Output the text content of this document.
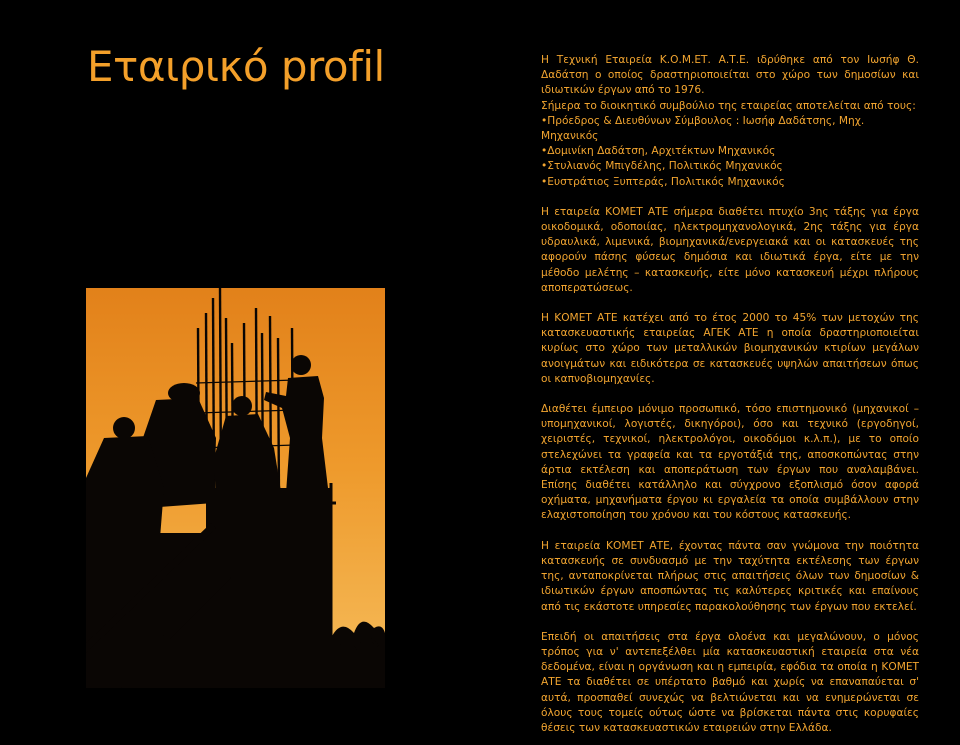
Εταιρικό profil	Η Τεχνική Εταιρεία Κ.Ο.Μ.ΕΤ. Α.Τ.Ε. ιδρύθηκε από τον Ιωσήφ Θ. Δαδάτση ο οποίος δραστηριοποιείται στο χώρο των δημοσίων και ιδιωτικών έργων από το 1976.

Σήμερα το διοικητικό συμβούλιο της εταιρείας αποτελείται από τους:
•Πρόεδρος & Διευθύνων Σύμβουλος : Ιωσήφ Δαδάτσης, Μηχ. Μηχανικός
•Δομινίκη Δαδάτση, Αρχιτέκτων Μηχανικός
•Στυλιανός Μπιγδέλης, Πολιτικός Μηχανικός
•Ευστράτιος Ξυπτεράς, Πολιτικός Μηχανικός

Η εταιρεία ΚΟΜΕΤ ΑΤΕ σήμερα διαθέτει πτυχίο 3ης τάξης για έργα οικοδομικά, οδοποιίας, ηλεκτρομηχανολογικά, 2ης τάξης για έργα υδραυλικά, λιμενικά, βιομηχανικά/ενεργειακά και οι κατασκευές της αφορούν πάσης φύσεως δημόσια και ιδιωτικά έργα, είτε με την μέθοδο μελέτης – κατασκευής, είτε μόνο κατασκευή μέχρι πλήρους αποπερατώσεως.

Η ΚΟΜΕΤ ΑΤΕ κατέχει από το έτος 2000 το 45% των μετοχών της κατασκευαστικής εταιρείας ΑΓΕΚ ΑΤΕ η οποία δραστηριοποιείται κυρίως στο χώρο των μεταλλικών βιομηχανικών κτιρίων μεγάλων ανοιγμάτων και ειδικότερα σε κατασκευές υψηλών απαιτήσεων όπως οι καπνοβιομηχανίες.

Διαθέτει έμπειρο μόνιμο προσωπικό, τόσο επιστημονικό (μηχανικοί – υπομηχανικοί, λογιστές, δικηγόροι), όσο και τεχνικό (εργοδηγοί, χειριστές, τεχνικοί, ηλεκτρολόγοι, οικοδόμοι κ.λ.π.), με το οποίο στελεχώνει τα γραφεία και τα εργοτάξιά της, αποσκοπώντας στην άρτια εκτέλεση και αποπεράτωση των έργων που αναλαμβάνει. Επίσης διαθέτει κατάλληλο και σύγχρονο εξοπλισμό όσον αφορά οχήματα, μηχανήματα έργου κι εργαλεία τα οποία συμβάλλουν στην ελαχιστοποίηση του χρόνου και του κόστους κατασκευής.

Η εταιρεία ΚΟΜΕΤ ΑΤΕ, έχοντας πάντα σαν γνώμονα την ποιότητα κατασκευής σε συνδυασμό με την ταχύτητα εκτέλεσης των έργων της, ανταποκρίνεται πλήρως στις απαιτήσεις όλων των δημοσίων & ιδιωτικών έργων αποσπώντας τις καλύτερες κριτικές και επαίνους από τις εκάστοτε υπηρεσίες παρακολούθησης των έργων που εκτελεί.

Επειδή οι απαιτήσεις στα έργα ολοένα και μεγαλώνουν, ο μόνος τρόπος για ν' αντεπεξέλθει μία κατασκευαστική εταιρεία στα νέα δεδομένα, είναι η οργάνωση και η εμπειρία, εφόδια τα οποία η ΚΟΜΕΤ ΑΤΕ τα διαθέτει σε υπέρτατο βαθμό και χωρίς να επαναπαύεται σ' αυτά, προσπαθεί συνεχώς να βελτιώνεται και να ενημερώνεται σε όλους τους τομείς ούτως ώστε να βρίσκεται πάντα στις κορυφαίες θέσεις των κατασκευαστικών εταιρειών στην Ελλάδα.
